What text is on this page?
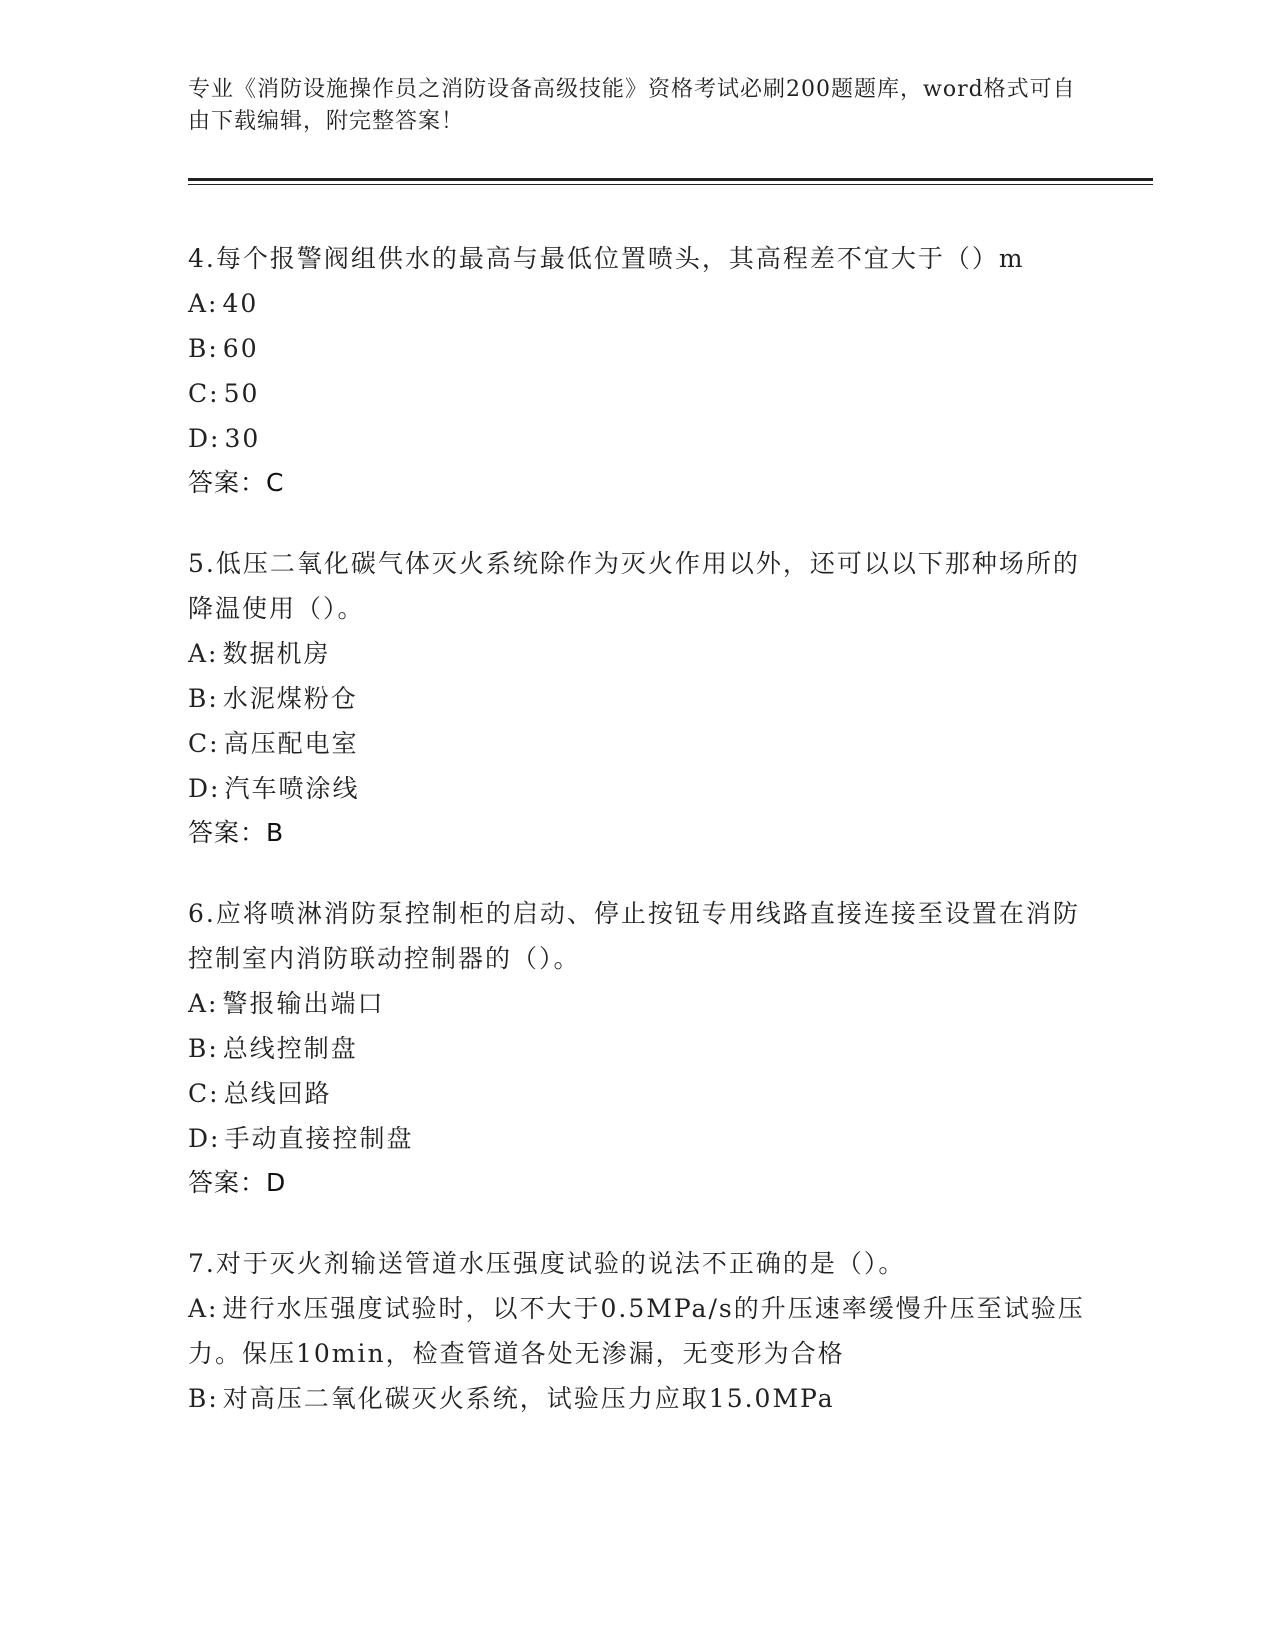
专业《消防设施操作员之消防设备高级技能》资格考试必刷200题题库，word格式可自由下载编辑，附完整答案！
4.每个报警阀组供水的最高与最低位置喷头，其高程差不宜大于（）m
A: 40
B: 60
C: 50
D: 30
答案：C
5.低压二氧化碳气体灭火系统除作为灭火作用以外，还可以以下那种场所的降温使用（）。
A: 数据机房
B: 水泥煤粉仓
C: 高压配电室
D: 汽车喷涂线
答案：B
6.应将喷淋消防泵控制柜的启动、停止按钮专用线路直接连接至设置在消防控制室内消防联动控制器的（）。
A: 警报输出端口
B: 总线控制盘
C: 总线回路
D: 手动直接控制盘
答案：D
7.对于灭火剂输送管道水压强度试验的说法不正确的是（）。
A: 进行水压强度试验时，以不大于0.5MPa/s的升压速率缓慢升压至试验压力。保压10min，检查管道各处无渗漏，无变形为合格
B: 对高压二氧化碳灭火系统，试验压力应取15.0MPa
